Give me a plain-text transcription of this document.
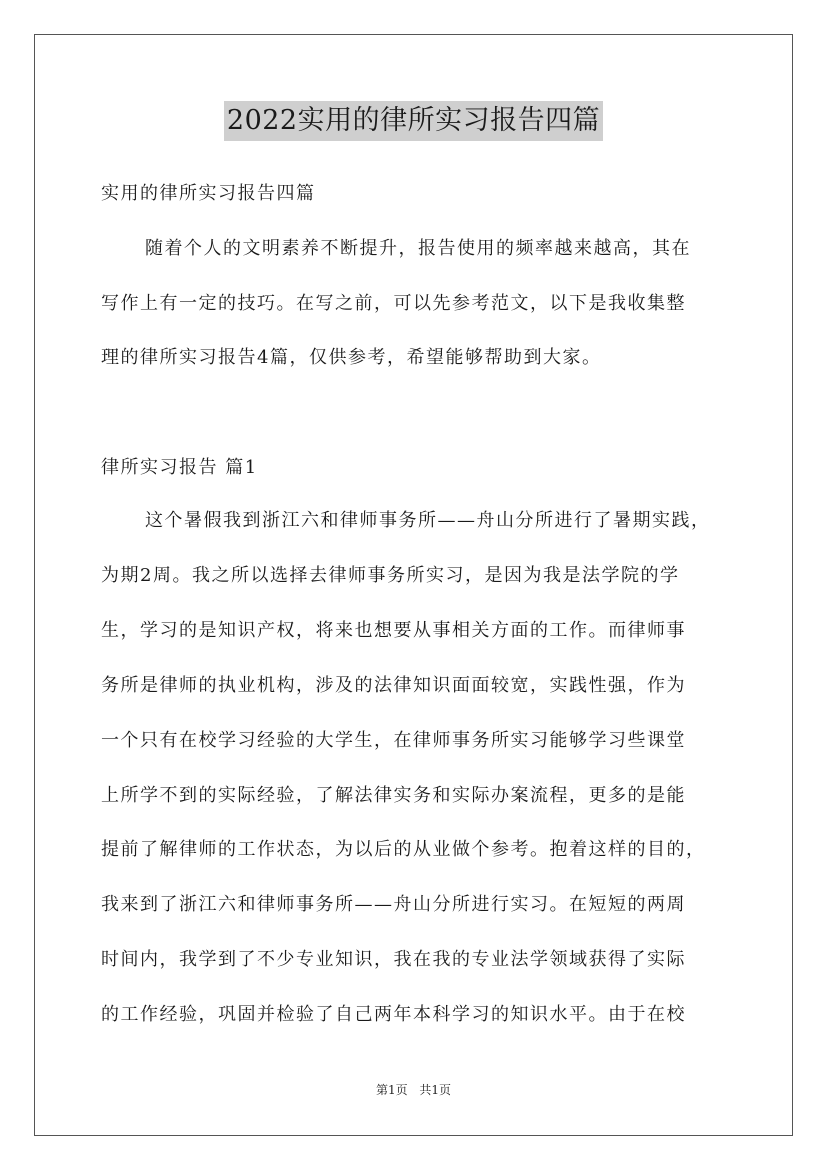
2022实用的律所实习报告四篇
实用的律所实习报告四篇
随着个人的文明素养不断提升，报告使用的频率越来越高，其在
写作上有一定的技巧。在写之前，可以先参考范文，以下是我收集整
理的律所实习报告4篇，仅供参考，希望能够帮助到大家。
律所实习报告 篇1
这个暑假我到浙江六和律师事务所——舟山分所进行了暑期实践，
为期2周。我之所以选择去律师事务所实习，是因为我是法学院的学
生，学习的是知识产权，将来也想要从事相关方面的工作。而律师事
务所是律师的执业机构，涉及的法律知识面面较宽，实践性强，作为
一个只有在校学习经验的大学生，在律师事务所实习能够学习些课堂
上所学不到的实际经验，了解法律实务和实际办案流程，更多的是能
提前了解律师的工作状态，为以后的从业做个参考。抱着这样的目的，
我来到了浙江六和律师事务所——舟山分所进行实习。在短短的两周
时间内，我学到了不少专业知识，我在我的专业法学领域获得了实际
的工作经验，巩固并检验了自己两年本科学习的知识水平。由于在校
第1页 共1页
